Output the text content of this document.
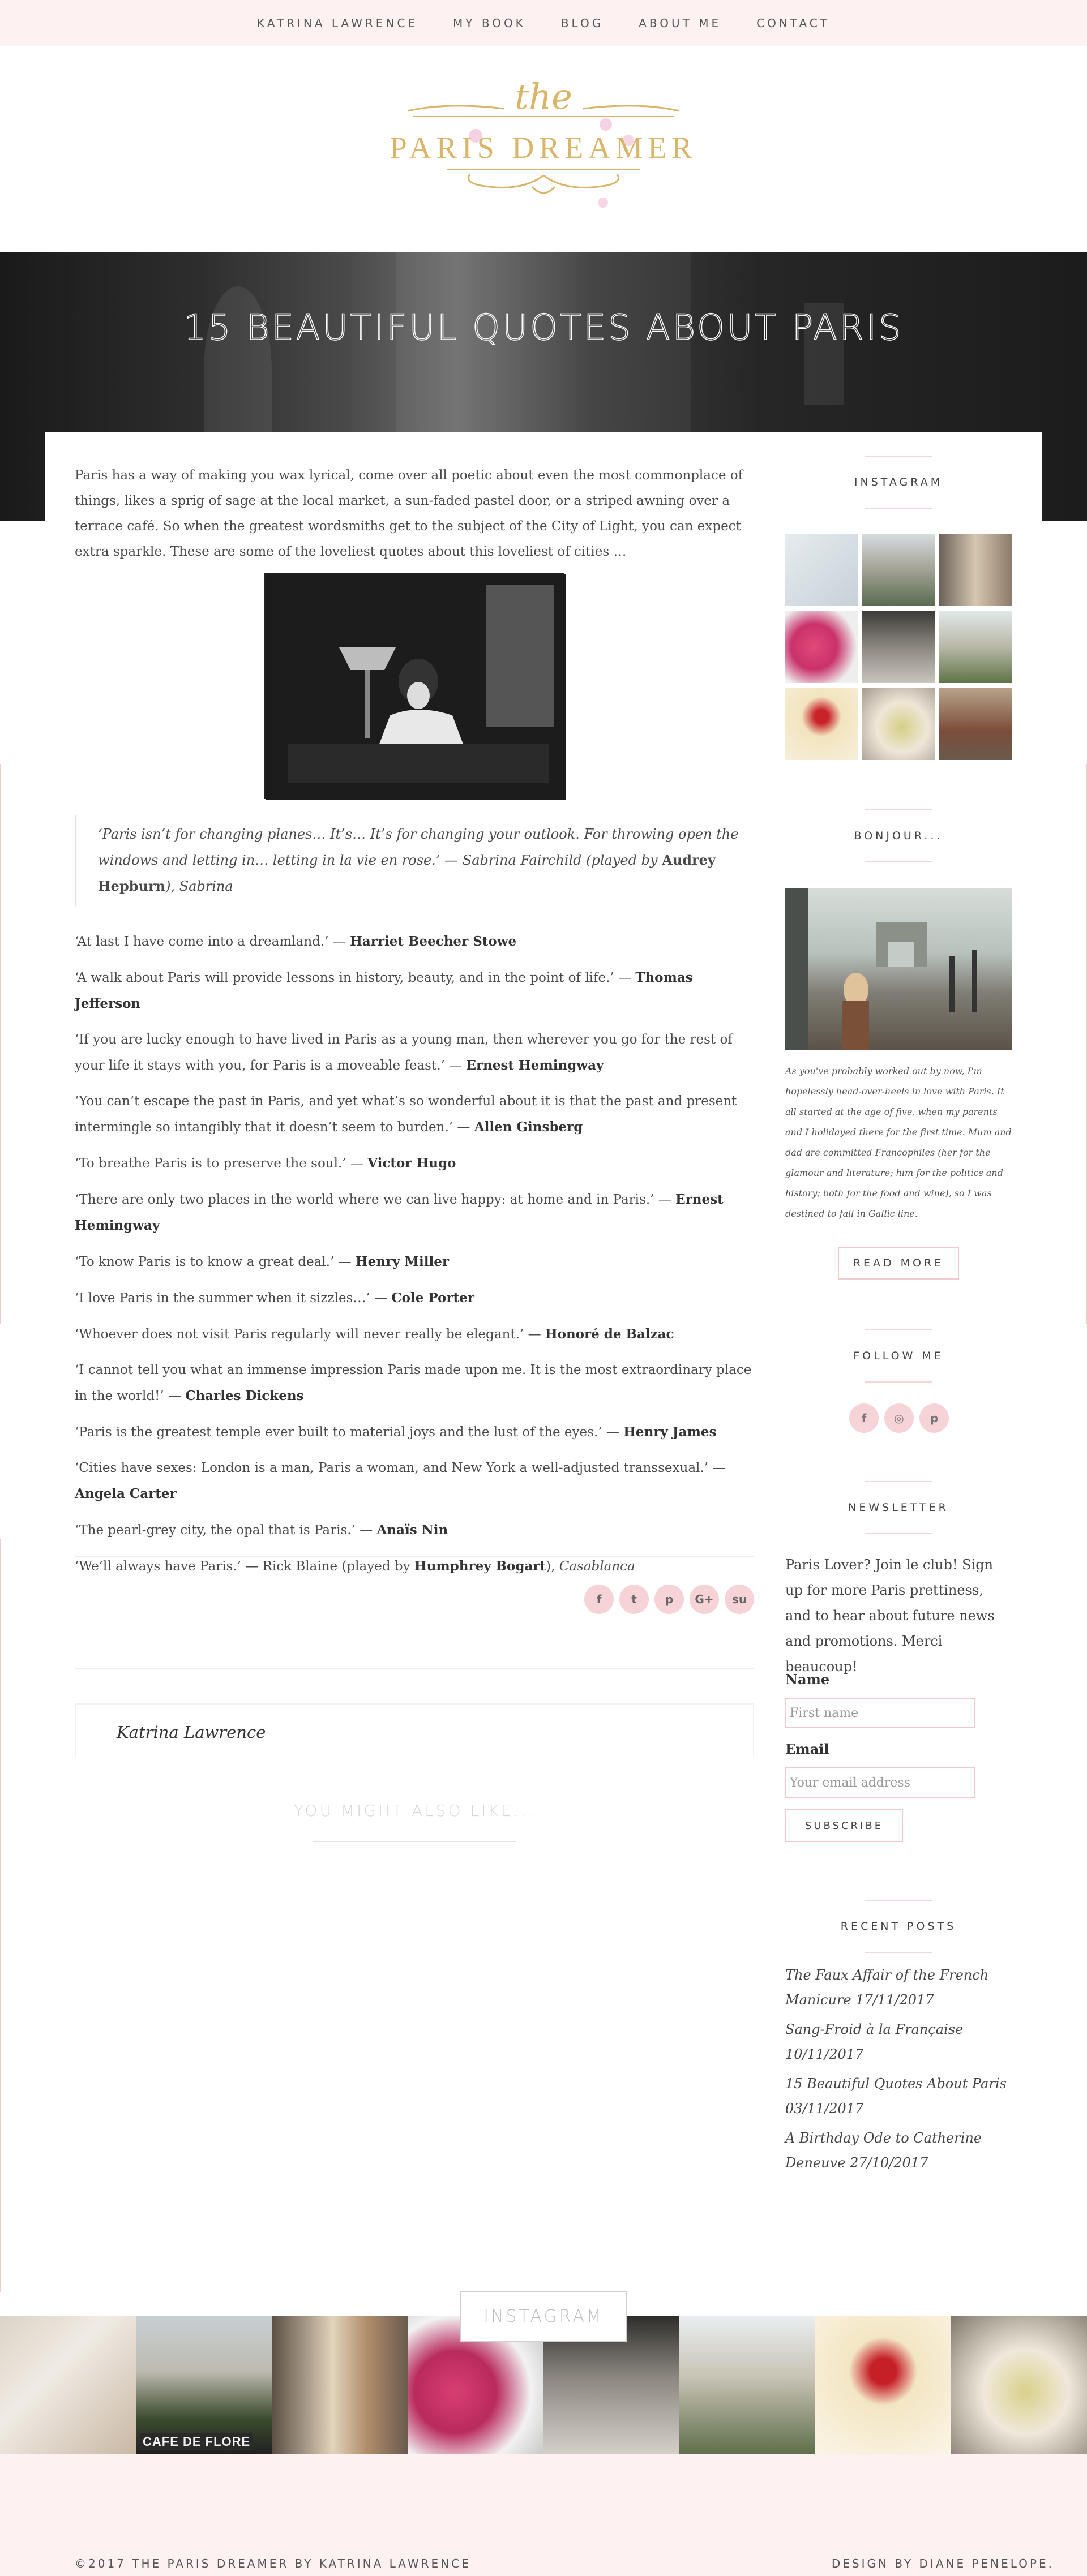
KATRINA LAWRENCE	MY BOOK	BLOG	ABOUT ME	CONTACT
the
PARIS DREAMER
15 BEAUTIFUL QUOTES ABOUT PARIS

Paris has a way of making you wax lyrical, come over all poetic about even the most commonplace of things, likes a sprig of sage at the local market, a sun-faded pastel door, or a striped awning over a terrace café. So when the greatest wordsmiths get to the subject of the City of Light, you can expect extra sparkle. These are some of the loveliest quotes about this loveliest of cities …

‘Paris isn’t for changing planes… It’s… It’s for changing your outlook. For throwing open the windows and letting in… letting in la vie en rose.’ — Sabrina Fairchild (played by Audrey Hepburn), Sabrina

‘At last I have come into a dreamland.’ — Harriet Beecher Stowe

‘A walk about Paris will provide lessons in history, beauty, and in the point of life.’ — Thomas Jefferson

‘If you are lucky enough to have lived in Paris as a young man, then wherever you go for the rest of your life it stays with you, for Paris is a moveable feast.’ — Ernest Hemingway

‘You can’t escape the past in Paris, and yet what’s so wonderful about it is that the past and present intermingle so intangibly that it doesn’t seem to burden.’ — Allen Ginsberg

‘To breathe Paris is to preserve the soul.’ — Victor Hugo

‘There are only two places in the world where we can live happy: at home and in Paris.’ — Ernest Hemingway

‘To know Paris is to know a great deal.’ — Henry Miller

‘I love Paris in the summer when it sizzles…’ — Cole Porter

‘Whoever does not visit Paris regularly will never really be elegant.’ — Honoré de Balzac

‘I cannot tell you what an immense impression Paris made upon me. It is the most extraordinary place in the world!’ — Charles Dickens

‘Paris is the greatest temple ever built to material joys and the lust of the eyes.’ — Henry James

‘Cities have sexes: London is a man, Paris a woman, and New York a well-adjusted transsexual.’ — Angela Carter

‘The pearl-grey city, the opal that is Paris.’ — Anaïs Nin

‘We’ll always have Paris.’ — Rick Blaine (played by Humphrey Bogart), Casablanca

f	t	p	G+	su
Katrina Lawrence
YOU MIGHT ALSO LIKE...
INSTAGRAM
BONJOUR...
As you've probably worked out by now, I'm hopelessly head-over-heels in love with Paris. It all started at the age of five, when my parents and I holidayed there for the first time. Mum and dad are committed Francophiles (her for the glamour and literature; him for the politics and history; both for the food and wine), so I was destined to fall in Gallic line.
READ MORE
FOLLOW ME
f	◎	p
NEWSLETTER
Paris Lover? Join le club! Sign up for more Paris prettiness, and to hear about future news and promotions. Merci beaucoup!
Name
First name
Email
Your email address
SUBSCRIBE
RECENT POSTS
The Faux Affair of the French Manicure 17/11/2017
Sang-Froid à la Française 10/11/2017
15 Beautiful Quotes About Paris 03/11/2017
A Birthday Ode to Catherine Deneuve 27/10/2017
INSTAGRAM
CAFE DE FLORE
©2017 THE PARIS DREAMER BY KATRINA LAWRENCE	DESIGN BY DIANE PENELOPE.
